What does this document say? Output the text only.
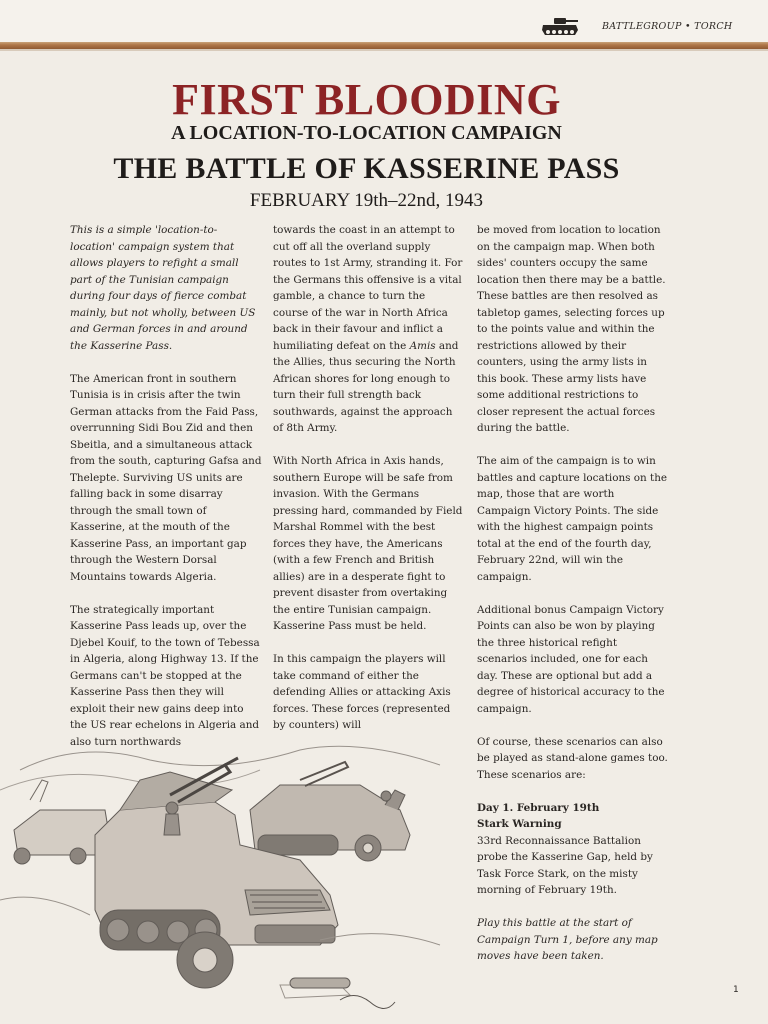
BATTLEGROUP • TORCH
FIRST BLOODING
A LOCATION-TO-LOCATION CAMPAIGN
THE BATTLE OF KASSERINE PASS
FEBRUARY 19th–22nd, 1943

This is a simple 'location-to-location' campaign system that allows players to refight a small part of the Tunisian campaign during four days of fierce combat mainly, but not wholly, between US and German forces in and around the Kasserine Pass.

The American front in southern Tunisia is in crisis after the twin German attacks from the Faid Pass, overrunning Sidi Bou Zid and then Sbeitla, and a simultaneous attack from the south, capturing Gafsa and Thelepte. Surviving US units are falling back in some disarray through the small town of Kasserine, at the mouth of the Kasserine Pass, an important gap through the Western Dorsal Mountains towards Algeria.

The strategically important Kasserine Pass leads up, over the Djebel Kouif, to the town of Tebessa in Algeria, along Highway 13. If the Germans can't be stopped at the Kasserine Pass then they will exploit their new gains deep into the US rear echelons in Algeria and also turn northwards

towards the coast in an attempt to cut off all the overland supply routes to 1st Army, stranding it. For the Germans this offensive is a vital gamble, a chance to turn the course of the war in North Africa back in their favour and inflict a humiliating defeat on the Amis and the Allies, thus securing the North African shores for long enough to turn their full strength back southwards, against the approach of 8th Army.

With North Africa in Axis hands, southern Europe will be safe from invasion. With the Germans pressing hard, commanded by Field Marshal Rommel with the best forces they have, the Americans (with a few French and British allies) are in a desperate fight to prevent disaster from overtaking the entire Tunisian campaign. Kasserine Pass must be held.

In this campaign the players will take command of either the defending Allies or attacking Axis forces. These forces (represented by counters) will

be moved from location to location on the campaign map. When both sides' counters occupy the same location then there may be a battle. These battles are then resolved as tabletop games, selecting forces up to the points value and within the restrictions allowed by their counters, using the army lists in this book. These army lists have some additional restrictions to closer represent the actual forces during the battle.

The aim of the campaign is to win battles and capture locations on the map, those that are worth Campaign Victory Points. The side with the highest campaign points total at the end of the fourth day, February 22nd, will win the campaign.

Additional bonus Campaign Victory Points can also be won by playing the three historical refight scenarios included, one for each day. These are optional but add a degree of historical accuracy to the campaign.

Of course, these scenarios can also be played as stand-alone games too. These scenarios are:

Day 1. February 19th

Stark Warning

33rd Reconnaissance Battalion probe the Kasserine Gap, held by Task Force Stark, on the misty morning of February 19th.

Play this battle at the start of Campaign Turn 1, before any map moves have been taken.

1
